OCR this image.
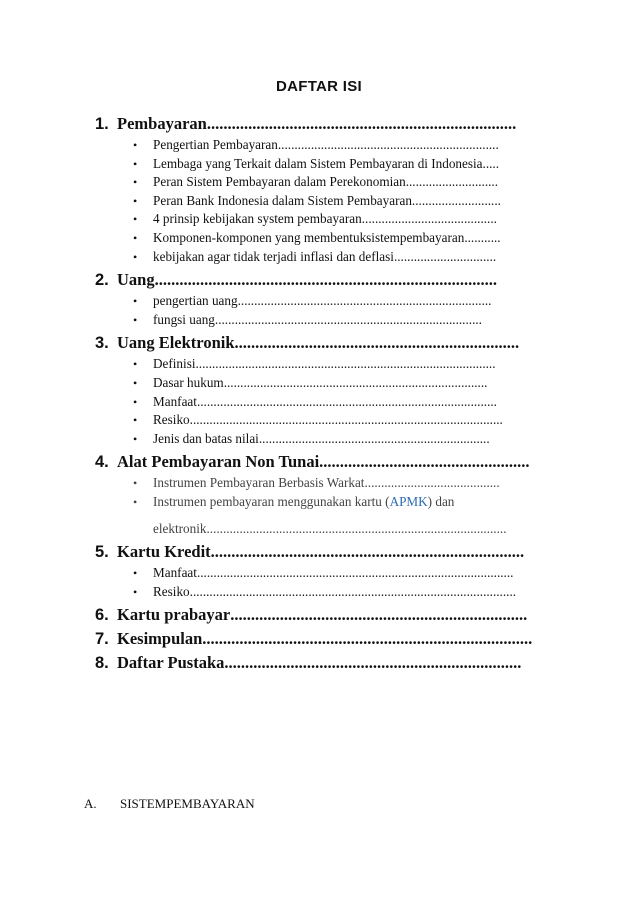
DAFTAR ISI
1. Pembayaran ...........................................................................
•	Pengertian Pembayaran ...................................................................
•	Lembaga yang Terkait dalam Sistem Pembayaran di Indonesia .....
•	Peran Sistem Pembayaran dalam Perekonomian ............................
•	Peran Bank Indonesia dalam Sistem Pembayaran ...........................
•	4 prinsip kebijakan system pembayaran .........................................
•	Komponen-komponen yang membentuksistempembayaran ...........
•	kebijakan agar tidak terjadi inflasi dan deflasi ...............................
2. Uang ...................................................................................
•	pengertian uang .............................................................................
•	fungsi uang .................................................................................
3. Uang Elektronik .....................................................................
•	Definisi ...........................................................................................
•	Dasar hukum ................................................................................
•	Manfaat ...........................................................................................
•	Resiko ...............................................................................................
•	Jenis dan batas nilai ......................................................................
4. Alat Pembayaran Non Tunai ...................................................
•	Instrumen Pembayaran Berbasis Warkat .........................................
•	Instrumen pembayaran menggunakan kartu ( APMK ) dan
elektronik ...........................................................................................
5. Kartu Kredit ............................................................................
•	Manfaat ................................................................................................
•	Resiko ...................................................................................................
6. Kartu prabayar ........................................................................
7. Kesimpulan ................................................................................
8. Daftar Pustaka ........................................................................
A.	SISTEMPEMBAYARAN
